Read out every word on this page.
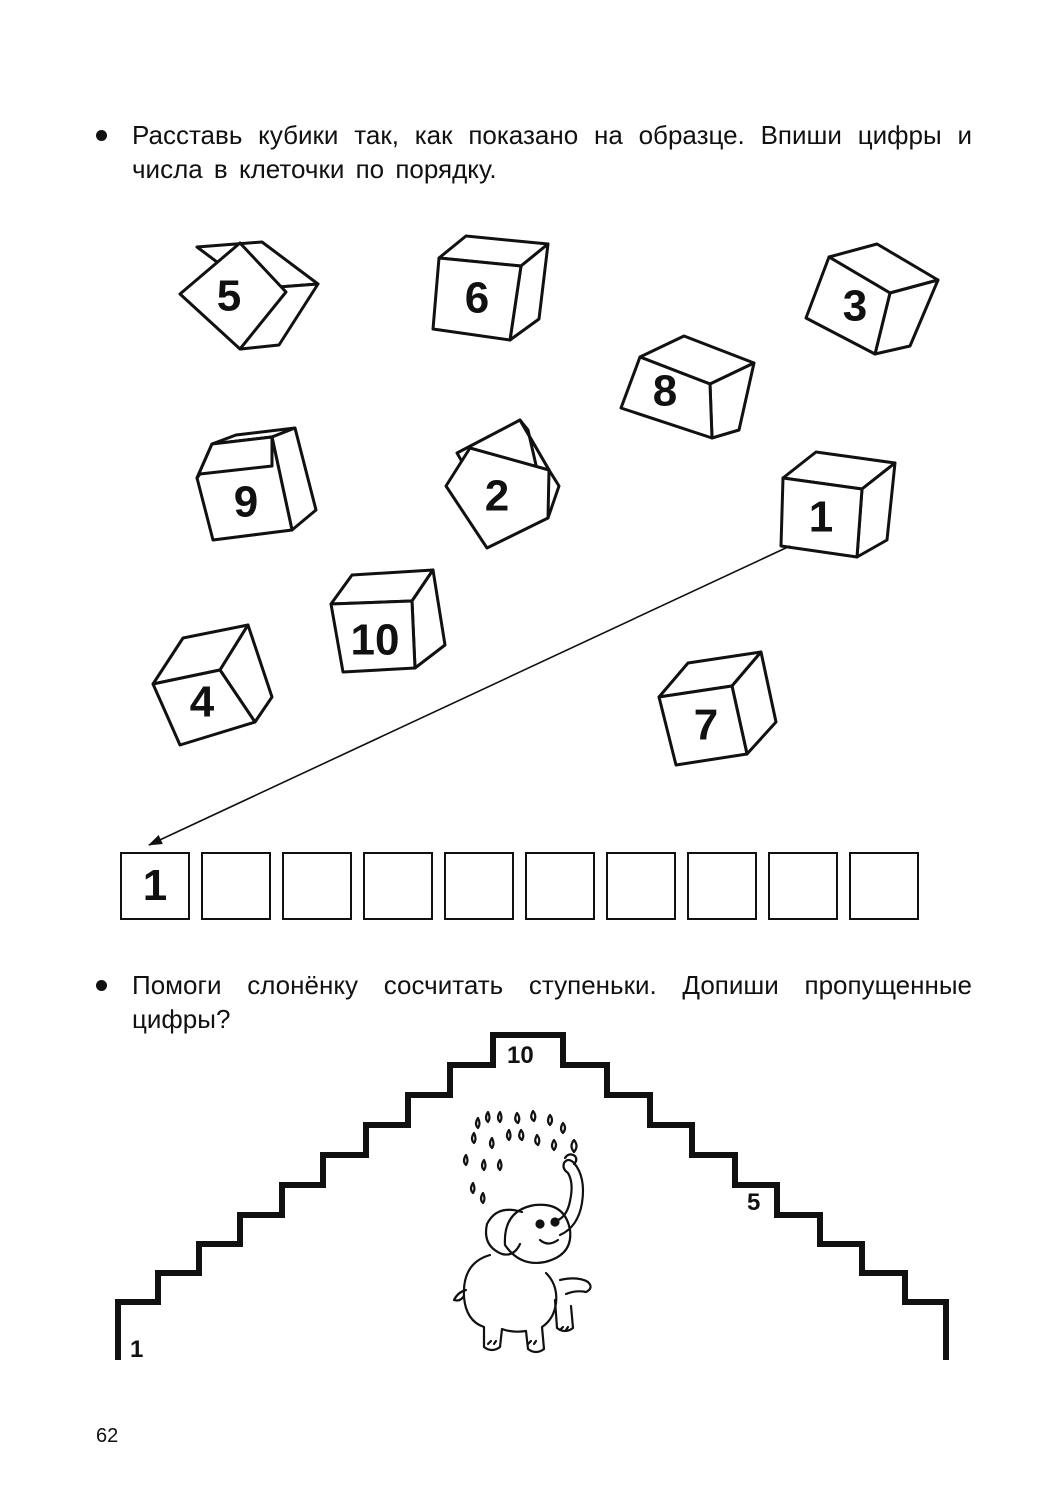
Расставь кубики так, как показано на образце. Впиши цифры и числа в клеточки по порядку.
5	6	3
8
9	2	1
10
4	7
1
Помоги слонёнку сосчитать ступеньки. Допиши пропущенные цифры?
1
10
5
62
